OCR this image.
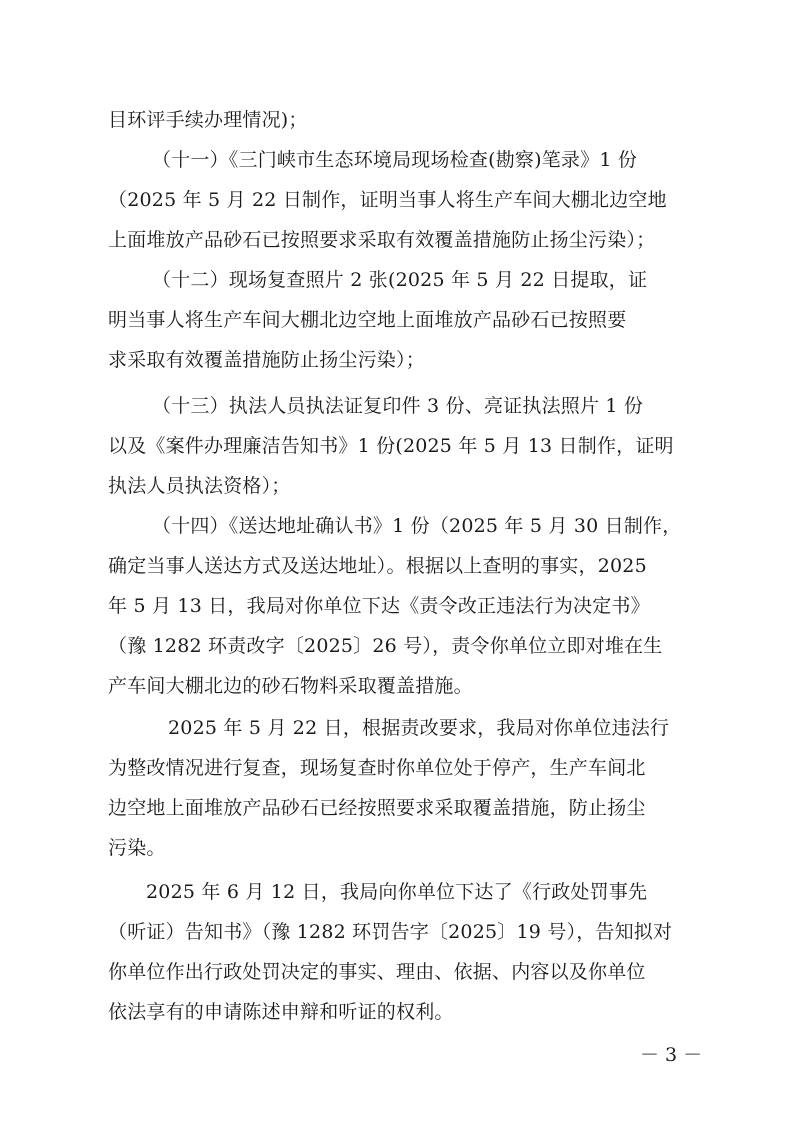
目环评手续办理情况)；
（十一）《三门峡市生态环境局现场检查(勘察)笔录》1 份
（2025 年 5 月 22 日制作，证明当事人将生产车间大棚北边空地
上面堆放产品砂石已按照要求采取有效覆盖措施防止扬尘污染）；
（十二）现场复查照片 2 张(2025 年 5 月 22 日提取，证
明当事人将生产车间大棚北边空地上面堆放产品砂石已按照要
求采取有效覆盖措施防止扬尘污染）；
（十三）执法人员执法证复印件 3 份、亮证执法照片 1 份
以及《案件办理廉洁告知书》1 份(2025 年 5 月 13 日制作，证明
执法人员执法资格）；
（十四）《送达地址确认书》1 份（2025 年 5 月 30 日制作，
确定当事人送达方式及送达地址）。根据以上查明的事实，2025
年 5 月 13 日，我局对你单位下达《责令改正违法行为决定书》
（豫 1282 环责改字〔2025〕26 号），责令你单位立即对堆在生
产车间大棚北边的砂石物料采取覆盖措施。
2025 年 5 月 22 日，根据责改要求，我局对你单位违法行
为整改情况进行复查，现场复查时你单位处于停产，生产车间北
边空地上面堆放产品砂石已经按照要求采取覆盖措施，防止扬尘
污染。
2025 年 6 月 12 日，我局向你单位下达了《行政处罚事先
（听证）告知书》（豫 1282 环罚告字〔2025〕19 号），告知拟对
你单位作出行政处罚决定的事实、理由、依据、内容以及你单位
依法享有的申请陈述申辩和听证的权利。
－ 3 －
